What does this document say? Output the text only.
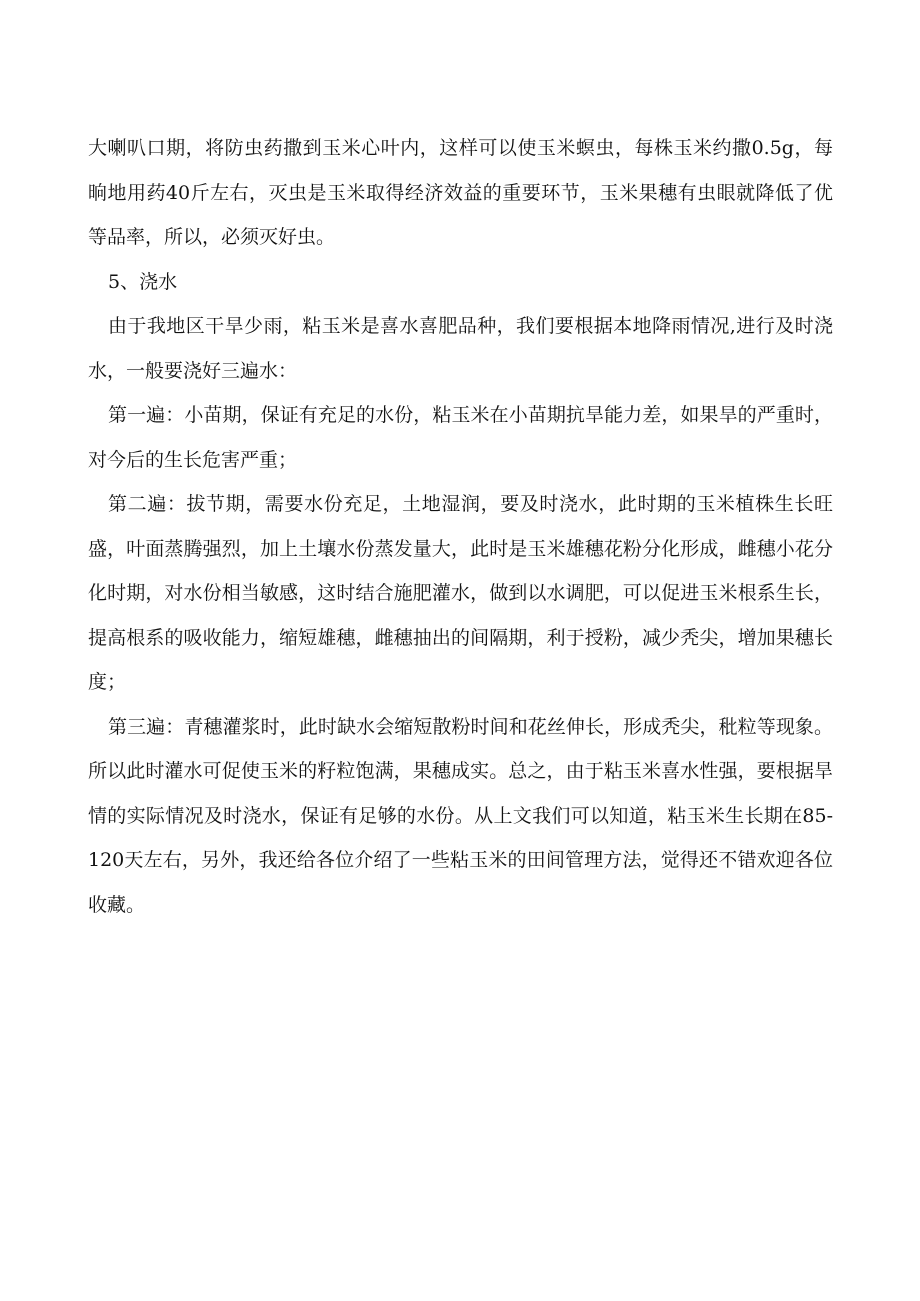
大喇叭口期，将防虫药撒到玉米心叶内，这样可以使玉米螟虫，每株玉米约撒0.5g，每晌地用药40斤左右，灭虫是玉米取得经济效益的重要环节，玉米果穗有虫眼就降低了优等品率，所以，必须灭好虫。

5、浇水

由于我地区干旱少雨，粘玉米是喜水喜肥品种，我们要根据本地降雨情况,进行及时浇水，一般要浇好三遍水：

第一遍：小苗期，保证有充足的水份，粘玉米在小苗期抗旱能力差，如果旱的严重时，对今后的生长危害严重；

第二遍：拔节期，需要水份充足，土地湿润，要及时浇水，此时期的玉米植株生长旺盛，叶面蒸腾强烈，加上土壤水份蒸发量大，此时是玉米雄穗花粉分化形成，雌穗小花分化时期，对水份相当敏感，这时结合施肥灌水，做到以水调肥，可以促进玉米根系生长，提高根系的吸收能力，缩短雄穗，雌穗抽出的间隔期，利于授粉，减少秃尖，增加果穗长度；

第三遍：青穗灌浆时，此时缺水会缩短散粉时间和花丝伸长，形成秃尖，秕粒等现象。所以此时灌水可促使玉米的籽粒饱满，果穗成实。总之，由于粘玉米喜水性强，要根据旱情的实际情况及时浇水，保证有足够的水份。从上文我们可以知道，粘玉米生长期在85-120天左右，另外，我还给各位介绍了一些粘玉米的田间管理方法，觉得还不错欢迎各位收藏。
